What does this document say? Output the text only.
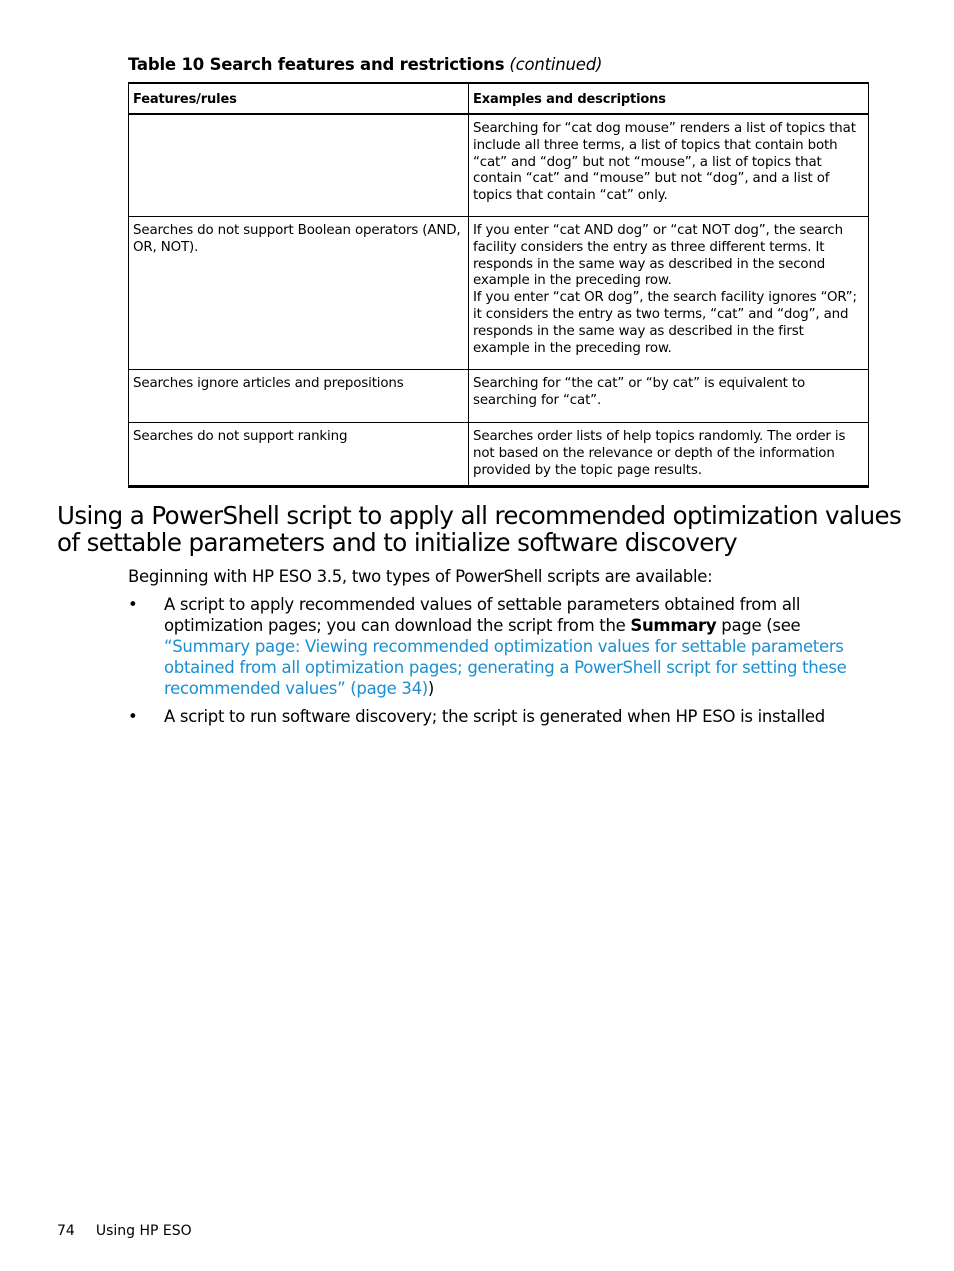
Table 10 Search features and restrictions (continued)
Features/rules	Examples and descriptions

	Searching for “cat dog mouse” renders a list of topics that include all three terms, a list of topics that contain both “cat” and “dog” but not “mouse”, a list of topics that contain “cat” and “mouse” but not “dog”, and a list of topics that contain “cat” only.

Searches do not support Boolean operators (AND, OR, NOT).	If you enter “cat AND dog” or “cat NOT dog”, the search facility considers the entry as three different terms. It responds in the same way as described in the second example in the preceding row.
If you enter “cat OR dog”, the search facility ignores “OR”; it considers the entry as two terms, “cat” and “dog”, and responds in the same way as described in the first example in the preceding row.

Searches ignore articles and prepositions	Searching for “the cat” or “by cat” is equivalent to searching for “cat”.

Searches do not support ranking	Searches order lists of help topics randomly. The order is not based on the relevance or depth of the information provided by the topic page results.
Using a PowerShell script to apply all recommended optimization values of settable parameters and to initialize software discovery

Beginning with HP ESO 3.5, two types of PowerShell scripts are available:

• A script to apply recommended values of settable parameters obtained from all optimization pages; you can download the script from the Summary page (see “Summary page: Viewing recommended optimization values for settable parameters obtained from all optimization pages; generating a PowerShell script for setting these recommended values” (page 34))
• A script to run software discovery; the script is generated when HP ESO is installed
74 Using HP ESO
